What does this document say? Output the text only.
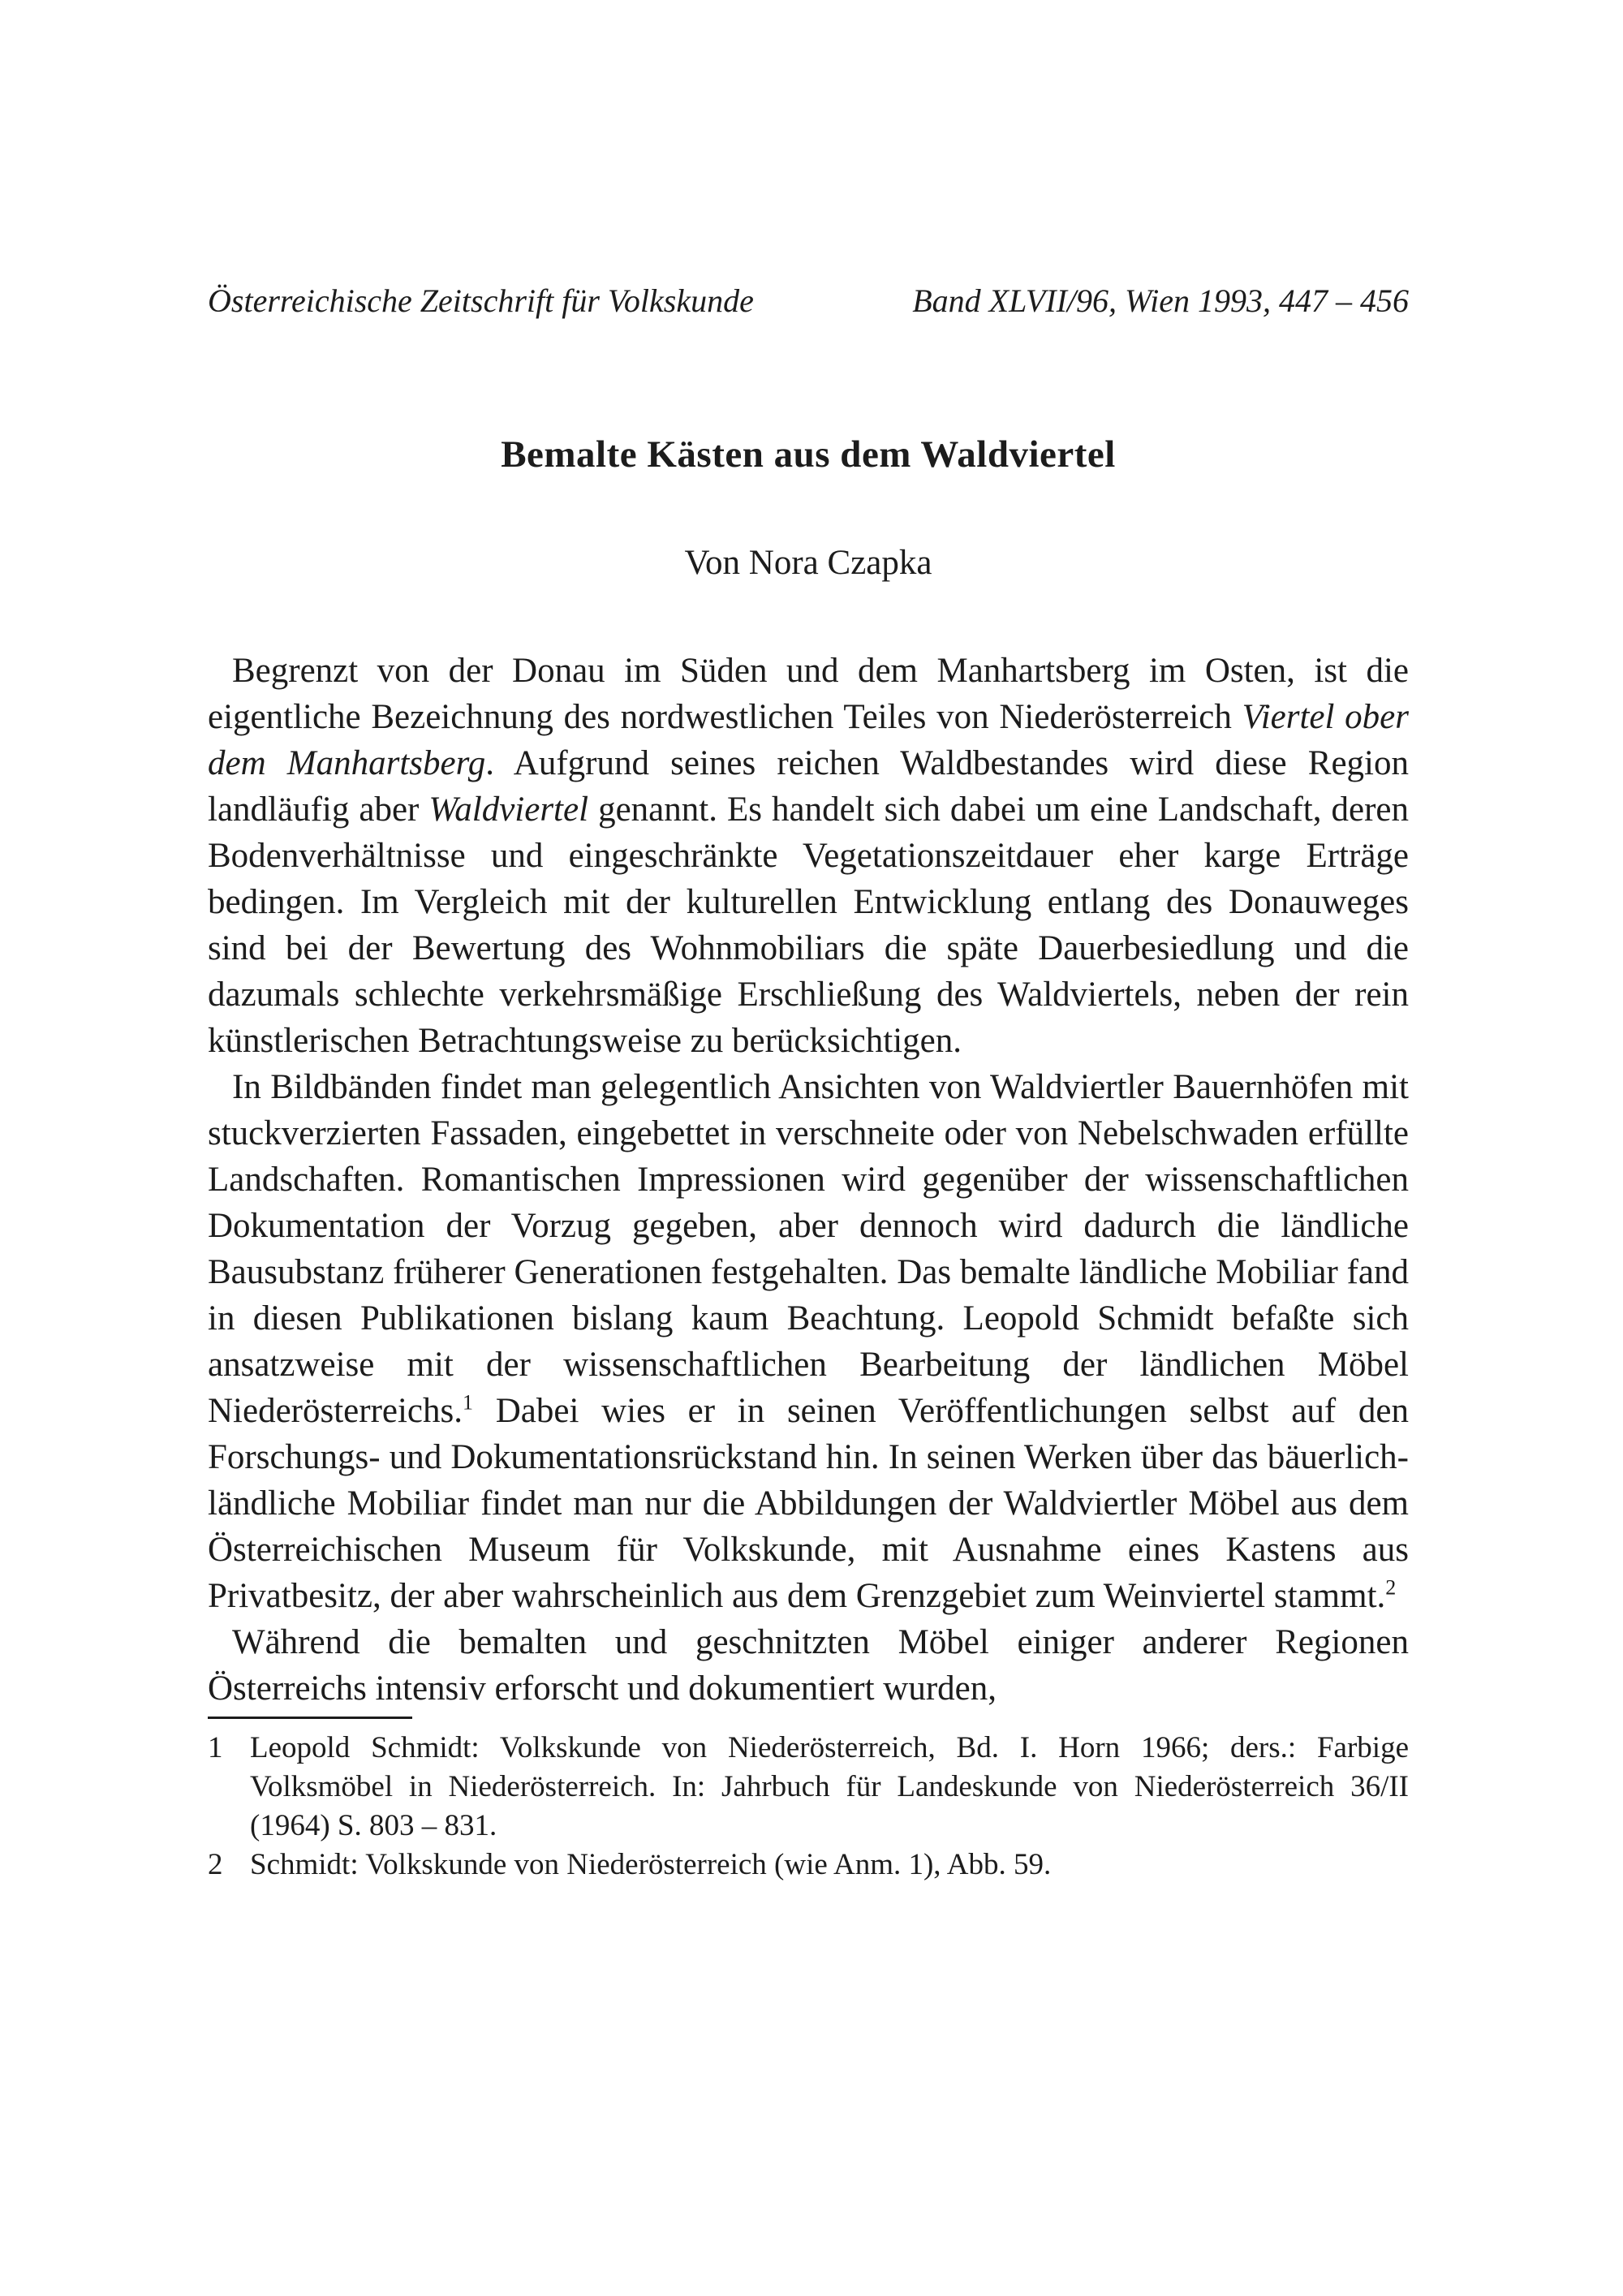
Österreichische Zeitschrift für Volkskunde	Band XLVII/96, Wien 1993, 447 – 456
Bemalte Kästen aus dem Waldviertel
Von Nora Czapka

Begrenzt von der Donau im Süden und dem Manhartsberg im Osten, ist die eigentliche Bezeichnung des nordwestlichen Teiles von Niederösterreich Viertel ober dem Manhartsberg. Aufgrund seines reichen Waldbestandes wird diese Region landläufig aber Waldviertel genannt. Es handelt sich dabei um eine Landschaft, deren Bodenverhältnisse und eingeschränkte Vegetationszeitdauer eher karge Erträge bedingen. Im Vergleich mit der kulturellen Entwicklung entlang des Donauweges sind bei der Bewertung des Wohnmobiliars die späte Dauerbesiedlung und die dazumals schlechte verkehrsmäßige Erschließung des Waldviertels, neben der rein künstlerischen Betrachtungsweise zu berücksichtigen.

In Bildbänden findet man gelegentlich Ansichten von Waldviertler Bauernhöfen mit stuckverzierten Fassaden, eingebettet in verschneite oder von Nebelschwaden erfüllte Landschaften. Romantischen Impressionen wird gegenüber der wissenschaftlichen Dokumentation der Vorzug gegeben, aber dennoch wird dadurch die ländliche Bausubstanz früherer Generationen festgehalten. Das bemalte ländliche Mobiliar fand in diesen Publikationen bislang kaum Beachtung. Leopold Schmidt befaßte sich ansatzweise mit der wissenschaftlichen Bearbeitung der ländlichen Möbel Niederösterreichs.$^1$ Dabei wies er in seinen Veröffentlichungen selbst auf den Forschungs- und Dokumentationsrückstand hin. In seinen Werken über das bäuerlich-ländliche Mobiliar findet man nur die Abbildungen der Waldviertler Möbel aus dem Österreichischen Museum für Volkskunde, mit Ausnahme eines Kastens aus Privatbesitz, der aber wahrscheinlich aus dem Grenzgebiet zum Weinviertel stammt.$^2$

Während die bemalten und geschnitzten Möbel einiger anderer Regionen Österreichs intensiv erforscht und dokumentiert wurden,

1 Leopold Schmidt: Volkskunde von Niederösterreich, Bd. I. Horn 1966; ders.: Farbige Volksmöbel in Niederösterreich. In: Jahrbuch für Landeskunde von Niederösterreich 36/II (1964) S. 803 – 831.
2 Schmidt: Volkskunde von Niederösterreich (wie Anm. 1), Abb. 59.
